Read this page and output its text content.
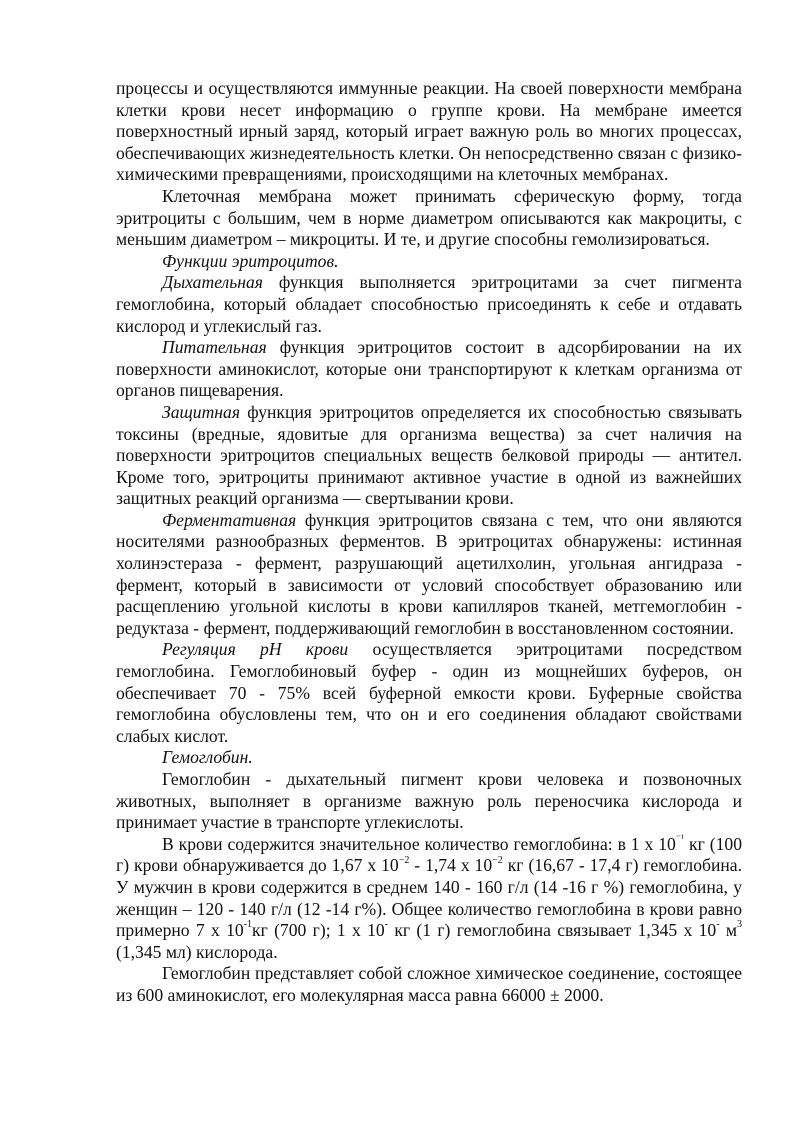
процессы и осуществляются иммунные реакции. На своей поверхности мембрана клетки крови несет информацию о группе крови. На мембране имеется поверхностный ирный заряд, который играет важную роль во многих процессах, обеспечивающих жизнедеятельность клетки. Он непосредственно связан с физико-химическими превращениями, происходящими на клеточных мембранах.

Клеточная мембрана может принимать сферическую форму, тогда эритроциты с большим, чем в норме диаметром описываются как макроциты, с меньшим диаметром – микроциты. И те, и другие способны гемолизироваться.

Функции эритроцитов.

Дыхательная функция выполняется эритроцитами за счет пигмента гемоглобина, который обладает способностью присоединять к себе и отдавать кислород и углекислый газ.

Питательная функция эритроцитов состоит в адсорбировании на их поверхности аминокислот, которые они транспортируют к клеткам организма от органов пищеварения.

Защитная функция эритроцитов определяется их способностью связывать токсины (вредные, ядовитые для организма вещества) за счет наличия на поверхности эритроцитов специальных веществ белковой природы — антител. Кроме того, эритроциты принимают активное участие в одной из важнейших защитных реакций организма — свертывании крови.

Ферментативная функция эритроцитов связана с тем, что они являются носителями разнообразных ферментов. В эритроцитах обнаружены: истинная холинэстераза - фермент, разрушающий ацетилхолин, угольная ангидраза - фермент, который в зависимости от условий способствует образованию или расщеплению угольной кислоты в крови капилляров тканей, метгемоглобин - редуктаза - фермент, поддерживающий гемоглобин в восстановленном состоянии.

Регуляция рН крови осуществляется эритроцитами посредством гемоглобина. Гемоглобиновый буфер - один из мощнейших буферов, он обеспечивает 70 - 75% всей буферной емкости крови. Буферные свойства гемоглобина обусловлены тем, что он и его соединения обладают свойствами слабых кислот.

Гемоглобин.

Гемоглобин - дыхательный пигмент крови человека и позвоночных животных, выполняет в организме важную роль переносчика кислорода и принимает участие в транспорте углекислоты.

В крови содержится значительное количество гемоглобина: в 1 х $10^{^{-1}}$ кг (100 г) крови обнаруживается до 1,67 х $10^{-2} - 1,74$ х $10^{-2}$ кг (16,67 - 17,4 г) гемоглобина. У мужчин в крови содержится в среднем 140 - 160 г/л (14 -16 г %) гемоглобина, у женщин – 120 - 140 г/л (12 -14 г%). Общее количество гемоглобина в крови равно примерно 7 х $10^{-1}кг$ (700 г); 1 х 10- кг (1 г) гемоглобина связывает 1,345 х 10- $м^3$ (1,345 мл) кислорода.

Гемоглобин представляет собой сложное химическое соединение, состоящее из 600 аминокислот, его молекулярная масса равна 66000 ± 2000.
